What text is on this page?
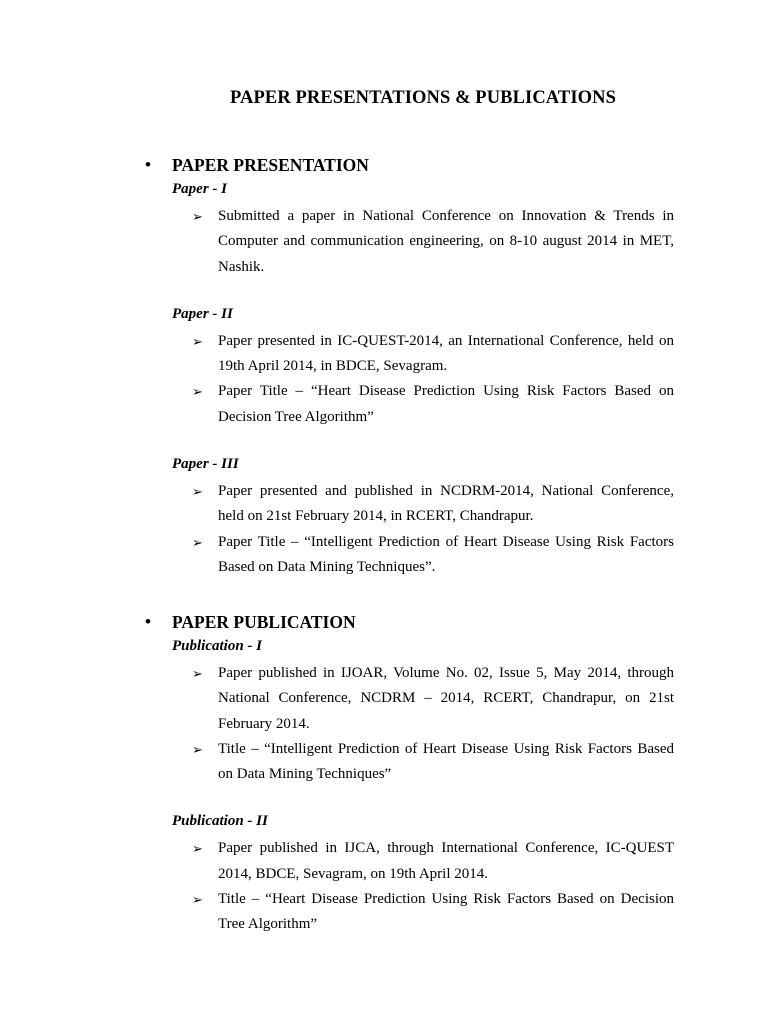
PAPER PRESENTATIONS & PUBLICATIONS
• PAPER PRESENTATION
Paper - I
➢ Submitted a paper in National Conference on Innovation & Trends in Computer and communication engineering, on 8-10 august 2014 in MET, Nashik.
Paper - II
➢ Paper presented in IC-QUEST-2014, an International Conference, held on 19th April 2014, in BDCE, Sevagram.
➢ Paper Title – “Heart Disease Prediction Using Risk Factors Based on Decision Tree Algorithm”
Paper - III
➢ Paper presented and published in NCDRM-2014, National Conference, held on 21st February 2014, in RCERT, Chandrapur.
➢ Paper Title – “Intelligent Prediction of Heart Disease Using Risk Factors Based on Data Mining Techniques”.
• PAPER PUBLICATION
Publication - I
➢ Paper published in IJOAR, Volume No. 02, Issue 5, May 2014, through National Conference, NCDRM – 2014, RCERT, Chandrapur, on 21st February 2014.
➢ Title – “Intelligent Prediction of Heart Disease Using Risk Factors Based on Data Mining Techniques”
Publication - II
➢ Paper published in IJCA, through International Conference, IC-QUEST 2014, BDCE, Sevagram, on 19th April 2014.
➢ Title – “Heart Disease Prediction Using Risk Factors Based on Decision Tree Algorithm”
